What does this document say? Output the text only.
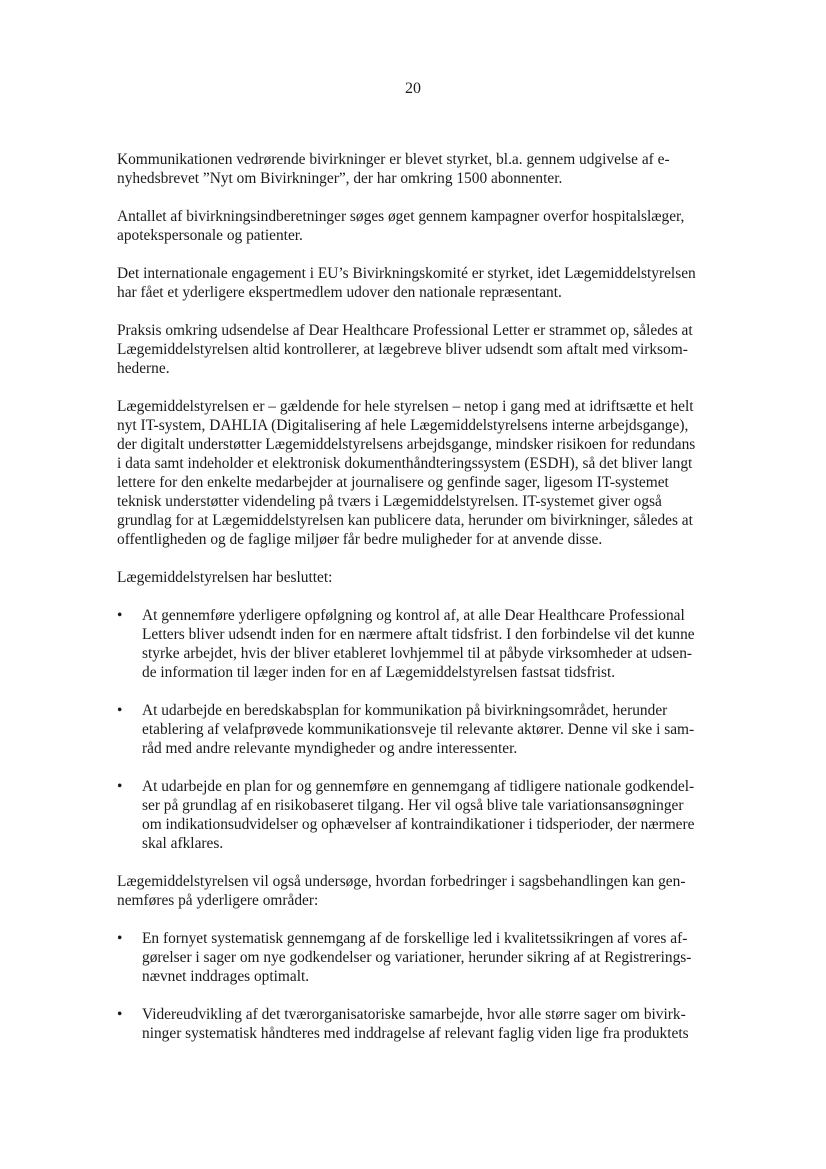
20

Kommunikationen vedrørende bivirkninger er blevet styrket, bl.a. gennem udgivelse af e-
nyhedsbrevet ”Nyt om Bivirkninger”, der har omkring 1500 abonnenter.

Antallet af bivirkningsindberetninger søges øget gennem kampagner overfor hospitalslæger,
apotekspersonale og patienter.

Det internationale engagement i EU’s Bivirkningskomité er styrket, idet Lægemiddelstyrelsen
har fået et yderligere ekspertmedlem udover den nationale repræsentant.

Praksis omkring udsendelse af Dear Healthcare Professional Letter er strammet op, således at
Lægemiddelstyrelsen altid kontrollerer, at lægebreve bliver udsendt som aftalt med virksom-
hederne.

Lægemiddelstyrelsen er – gældende for hele styrelsen – netop i gang med at idriftsætte et helt
nyt IT-system, DAHLIA (Digitalisering af hele Lægemiddelstyrelsens interne arbejdsgange),
der digitalt understøtter Lægemiddelstyrelsens arbejdsgange, mindsker risikoen for redundans
i data samt indeholder et elektronisk dokumenthåndteringssystem (ESDH), så det bliver langt
lettere for den enkelte medarbejder at journalisere og genfinde sager, ligesom IT-systemet
teknisk understøtter videndeling på tværs i Lægemiddelstyrelsen. IT-systemet giver også
grundlag for at Lægemiddelstyrelsen kan publicere data, herunder om bivirkninger, således at
offentligheden og de faglige miljøer får bedre muligheder for at anvende disse.

Lægemiddelstyrelsen har besluttet:

• At gennemføre yderligere opfølgning og kontrol af, at alle Dear Healthcare Professional
Letters bliver udsendt inden for en nærmere aftalt tidsfrist. I den forbindelse vil det kunne
styrke arbejdet, hvis der bliver etableret lovhjemmel til at påbyde virksomheder at udsen-
de information til læger inden for en af Lægemiddelstyrelsen fastsat tidsfrist.
• At udarbejde en beredskabsplan for kommunikation på bivirkningsområdet, herunder
etablering af velafprøvede kommunikationsveje til relevante aktører. Denne vil ske i sam-
råd med andre relevante myndigheder og andre interessenter.
• At udarbejde en plan for og gennemføre en gennemgang af tidligere nationale godkendel-
ser på grundlag af en risikobaseret tilgang. Her vil også blive tale variationsansøgninger
om indikationsudvidelser og ophævelser af kontraindikationer i tidsperioder, der nærmere
skal afklares.

Lægemiddelstyrelsen vil også undersøge, hvordan forbedringer i sagsbehandlingen kan gen-
nemføres på yderligere områder:

• En fornyet systematisk gennemgang af de forskellige led i kvalitetssikringen af vores af-
gørelser i sager om nye godkendelser og variationer, herunder sikring af at Registrerings-
nævnet inddrages optimalt.
• Videreudvikling af det tværorganisatoriske samarbejde, hvor alle større sager om bivirk-
ninger systematisk håndteres med inddragelse af relevant faglig viden lige fra produktets
